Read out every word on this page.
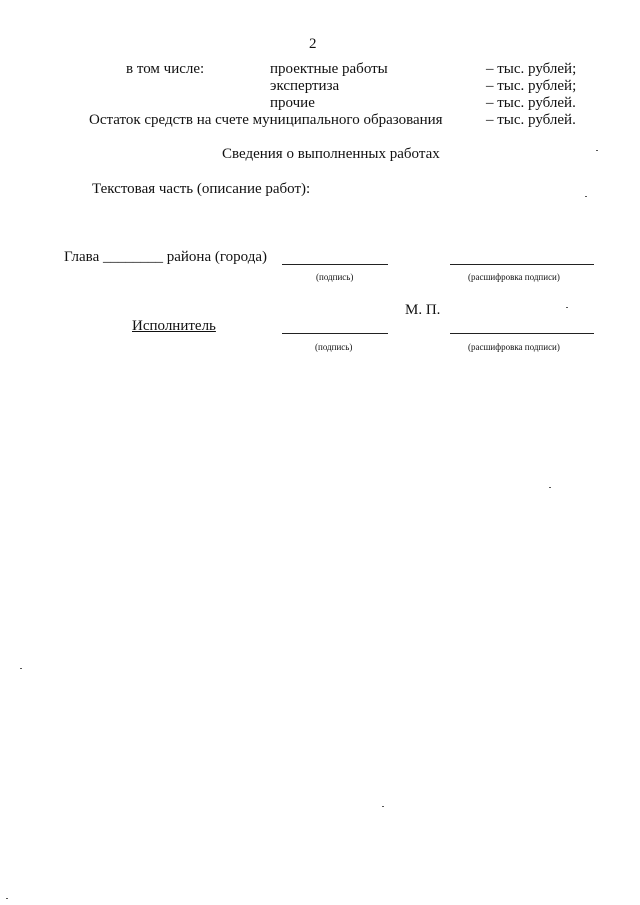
2
в том числе:	проектные работы	– тыс. рублей;
экспертиза	– тыс. рублей;
прочие	– тыс. рублей.
Остаток средств на счете муниципального образования	– тыс. рублей.
Сведения о выполненных работах
Текстовая часть (описание работ):
Глава ________ района (города)
(подпись)	(расшифровка подписи)
М. П.
Исполнитель
(подпись)	(расшифровка подписи)
